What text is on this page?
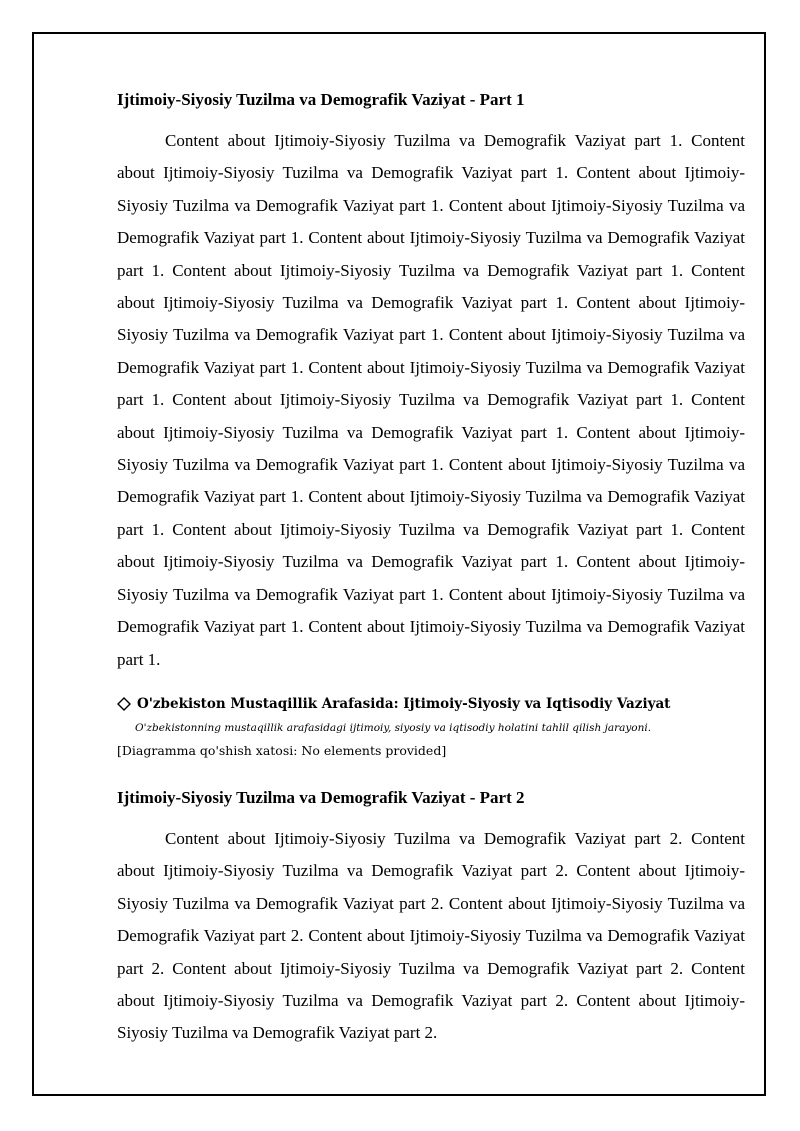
Ijtimoiy-Siyosiy Tuzilma va Demografik Vaziyat - Part 1

Content about Ijtimoiy-Siyosiy Tuzilma va Demografik Vaziyat part 1. Content about Ijtimoiy-Siyosiy Tuzilma va Demografik Vaziyat part 1. Content about Ijtimoiy-Siyosiy Tuzilma va Demografik Vaziyat part 1. Content about Ijtimoiy-Siyosiy Tuzilma va Demografik Vaziyat part 1. Content about Ijtimoiy-Siyosiy Tuzilma va Demografik Vaziyat part 1. Content about Ijtimoiy-Siyosiy Tuzilma va Demografik Vaziyat part 1. Content about Ijtimoiy-Siyosiy Tuzilma va Demografik Vaziyat part 1. Content about Ijtimoiy-Siyosiy Tuzilma va Demografik Vaziyat part 1. Content about Ijtimoiy-Siyosiy Tuzilma va Demografik Vaziyat part 1. Content about Ijtimoiy-Siyosiy Tuzilma va Demografik Vaziyat part 1. Content about Ijtimoiy-Siyosiy Tuzilma va Demografik Vaziyat part 1. Content about Ijtimoiy-Siyosiy Tuzilma va Demografik Vaziyat part 1. Content about Ijtimoiy-Siyosiy Tuzilma va Demografik Vaziyat part 1. Content about Ijtimoiy-Siyosiy Tuzilma va Demografik Vaziyat part 1. Content about Ijtimoiy-Siyosiy Tuzilma va Demografik Vaziyat part 1. Content about Ijtimoiy-Siyosiy Tuzilma va Demografik Vaziyat part 1. Content about Ijtimoiy-Siyosiy Tuzilma va Demografik Vaziyat part 1. Content about Ijtimoiy-Siyosiy Tuzilma va Demografik Vaziyat part 1. Content about Ijtimoiy-Siyosiy Tuzilma va Demografik Vaziyat part 1. Content about Ijtimoiy-Siyosiy Tuzilma va Demografik Vaziyat part 1.

O'zbekiston Mustaqillik Arafasida: Ijtimoiy-Siyosiy va Iqtisodiy Vaziyat
O'zbekistonning mustaqillik arafasidagi ijtimoiy, siyosiy va iqtisodiy holatini tahlil qilish jarayoni.
[Diagramma qo'shish xatosi: No elements provided]
Ijtimoiy-Siyosiy Tuzilma va Demografik Vaziyat - Part 2

Content about Ijtimoiy-Siyosiy Tuzilma va Demografik Vaziyat part 2. Content about Ijtimoiy-Siyosiy Tuzilma va Demografik Vaziyat part 2. Content about Ijtimoiy-Siyosiy Tuzilma va Demografik Vaziyat part 2. Content about Ijtimoiy-Siyosiy Tuzilma va Demografik Vaziyat part 2. Content about Ijtimoiy-Siyosiy Tuzilma va Demografik Vaziyat part 2. Content about Ijtimoiy-Siyosiy Tuzilma va Demografik Vaziyat part 2. Content about Ijtimoiy-Siyosiy Tuzilma va Demografik Vaziyat part 2. Content about Ijtimoiy-Siyosiy Tuzilma va Demografik Vaziyat part 2.
